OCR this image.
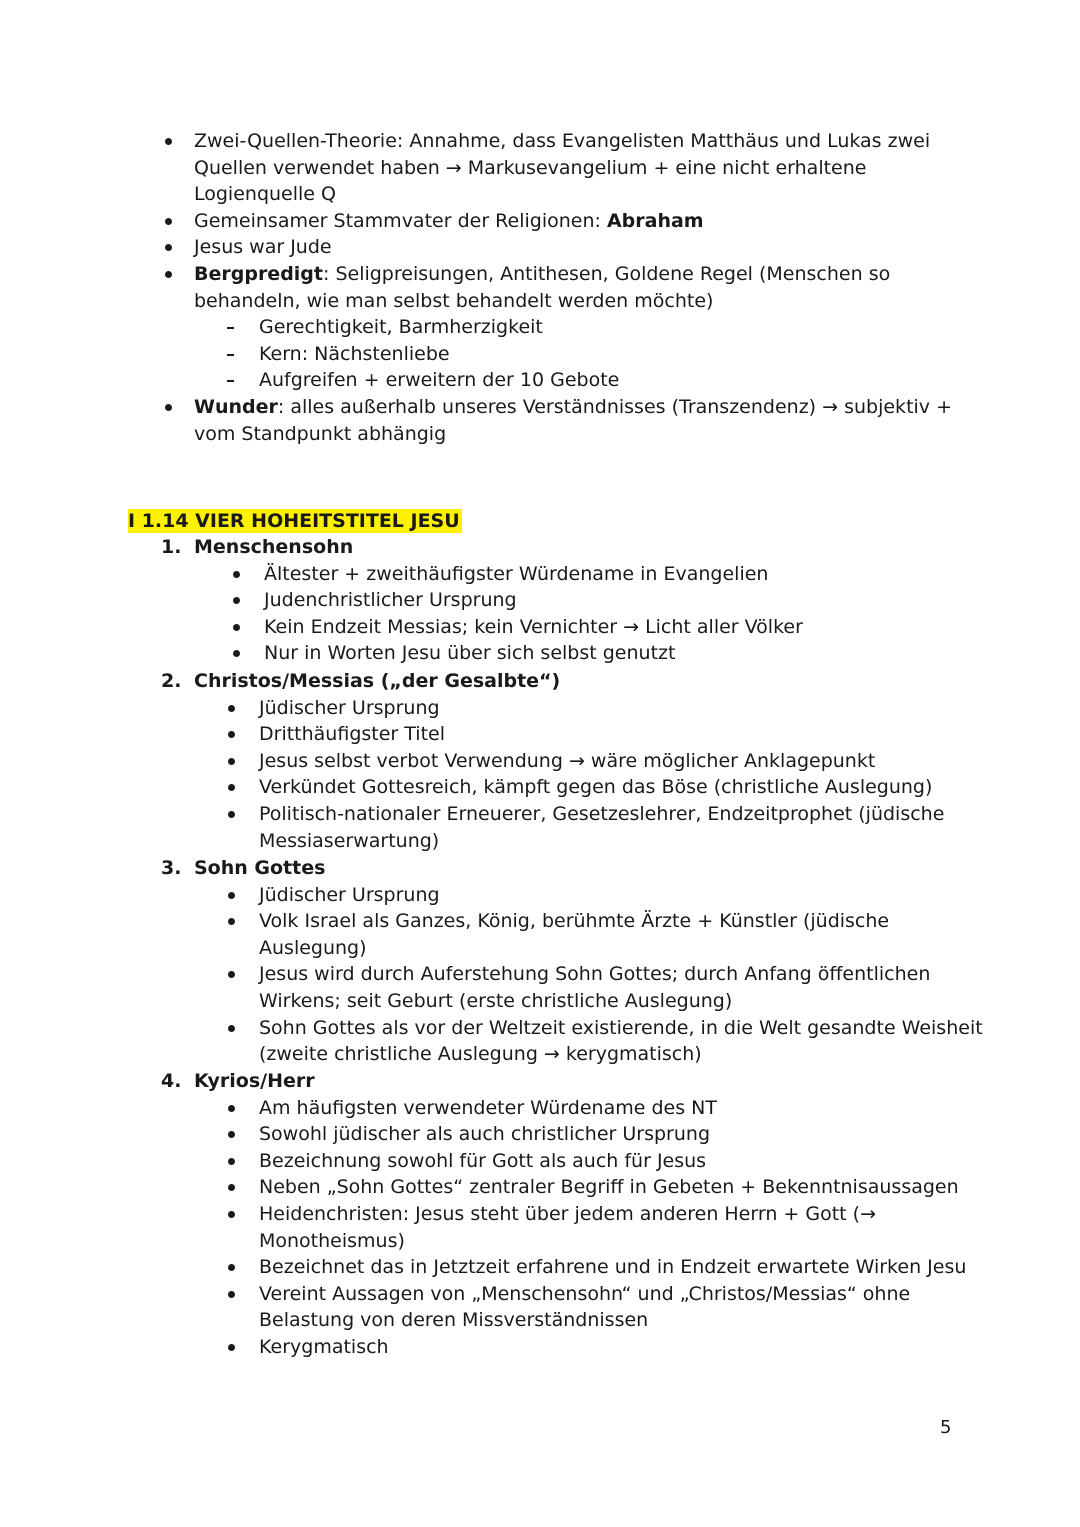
Zwei-Quellen-Theorie: Annahme, dass Evangelisten Matthäus und Lukas zwei
Quellen verwendet haben → Markusevangelium + eine nicht erhaltene
Logienquelle Q
Gemeinsamer Stammvater der Religionen: Abraham
Jesus war Jude
Bergpredigt: Seligpreisungen, Antithesen, Goldene Regel (Menschen so
behandeln, wie man selbst behandelt werden möchte)
Gerechtigkeit, Barmherzigkeit
Kern: Nächstenliebe
Aufgreifen + erweitern der 10 Gebote
Wunder: alles außerhalb unseres Verständnisses (Transzendenz) → subjektiv +
vom Standpunkt abhängig
I 1.14 VIER HOHEITSTITEL JESU
1. Menschensohn
Ältester + zweithäufigster Würdename in Evangelien
Judenchristlicher Ursprung
Kein Endzeit Messias; kein Vernichter → Licht aller Völker
Nur in Worten Jesu über sich selbst genutzt
2. Christos/Messias („der Gesalbte“)
Jüdischer Ursprung
Dritthäufigster Titel
Jesus selbst verbot Verwendung → wäre möglicher Anklagepunkt
Verkündet Gottesreich, kämpft gegen das Böse (christliche Auslegung)
Politisch-nationaler Erneuerer, Gesetzeslehrer, Endzeitprophet (jüdische
Messiaserwartung)
3. Sohn Gottes
Jüdischer Ursprung
Volk Israel als Ganzes, König, berühmte Ärzte + Künstler (jüdische
Auslegung)
Jesus wird durch Auferstehung Sohn Gottes; durch Anfang öffentlichen
Wirkens; seit Geburt (erste christliche Auslegung)
Sohn Gottes als vor der Weltzeit existierende, in die Welt gesandte Weisheit
(zweite christliche Auslegung → kerygmatisch)
4. Kyrios/Herr
Am häufigsten verwendeter Würdename des NT
Sowohl jüdischer als auch christlicher Ursprung
Bezeichnung sowohl für Gott als auch für Jesus
Neben „Sohn Gottes“ zentraler Begriff in Gebeten + Bekenntnisaussagen
Heidenchristen: Jesus steht über jedem anderen Herrn + Gott (→
Monotheismus)
Bezeichnet das in Jetztzeit erfahrene und in Endzeit erwartete Wirken Jesu
Vereint Aussagen von „Menschensohn“ und „Christos/Messias“ ohne
Belastung von deren Missverständnissen
Kerygmatisch
5
